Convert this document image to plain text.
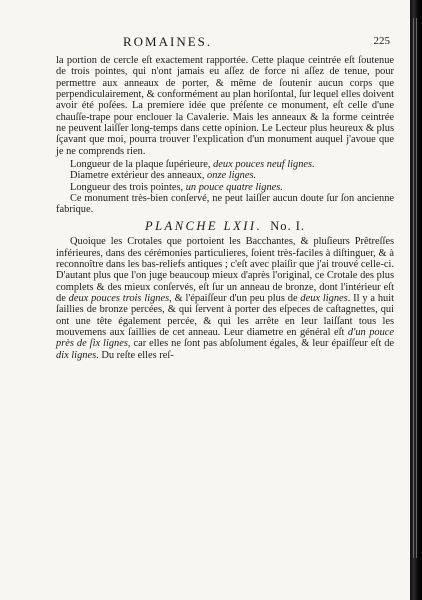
ROMAINES.	225

la portion de cercle eſt exactement rapportée. Cette plaque ceintrée eſt ſoutenue de trois pointes, qui n'ont jamais eu aſſez de force ni aſſez de tenue, pour permettre aux anneaux de porter, & même de ſoutenir aucun corps que perpendiculairement, & conformément au plan horiſontal, ſur lequel elles doivent avoir été poſées. La premiere idée que préſente ce monument, eſt celle d'une chauſſe-trape pour enclouer la Cavalerie. Mais les anneaux & la forme ceintrée ne peuvent laiſſer long-temps dans cette opinion. Le Lecteur plus heureux & plus ſçavant que moi, pourra trouver l'explication d'un monument auquel j'avoue que je ne comprends rien.

Longueur de la plaque ſupérieure, deux pouces neuf lignes.

Diametre extérieur des anneaux, onze lignes.

Longueur des trois pointes, un pouce quatre lignes.

Ce monument très-bien conſervé, ne peut laiſſer aucun doute ſur ſon ancienne fabrique.

PLANCHE LXII. No. I.

Quoique les Crotales que portoient les Bacchantes, & pluſieurs Prêtreſſes inférieures, dans des cérémonies particulieres, ſoient très-faciles à diſtinguer, & à reconnoître dans les bas-reliefs antiques ; c'eſt avec plaiſir que j'ai trouvé celle-ci. D'autant plus que l'on juge beaucoup mieux d'après l'original, ce Crotale des plus complets & des mieux conſervés, eſt ſur un anneau de bronze, dont l'intérieur eſt de deux pouces trois lignes, & l'épaiſſeur d'un peu plus de deux lignes. Il y a huit ſaillies de bronze percées, & qui ſervent à porter des eſpeces de caſtagnettes, qui ont une tête également percée, & qui les arrête en leur laiſſant tous les mouvemens aux ſaillies de cet anneau. Leur diametre en général eſt d'un pouce près de ſix lignes, car elles ne ſont pas abſolument égales, & leur épaiſſeur eſt de dix lignes. Du reſte elles reſ-
